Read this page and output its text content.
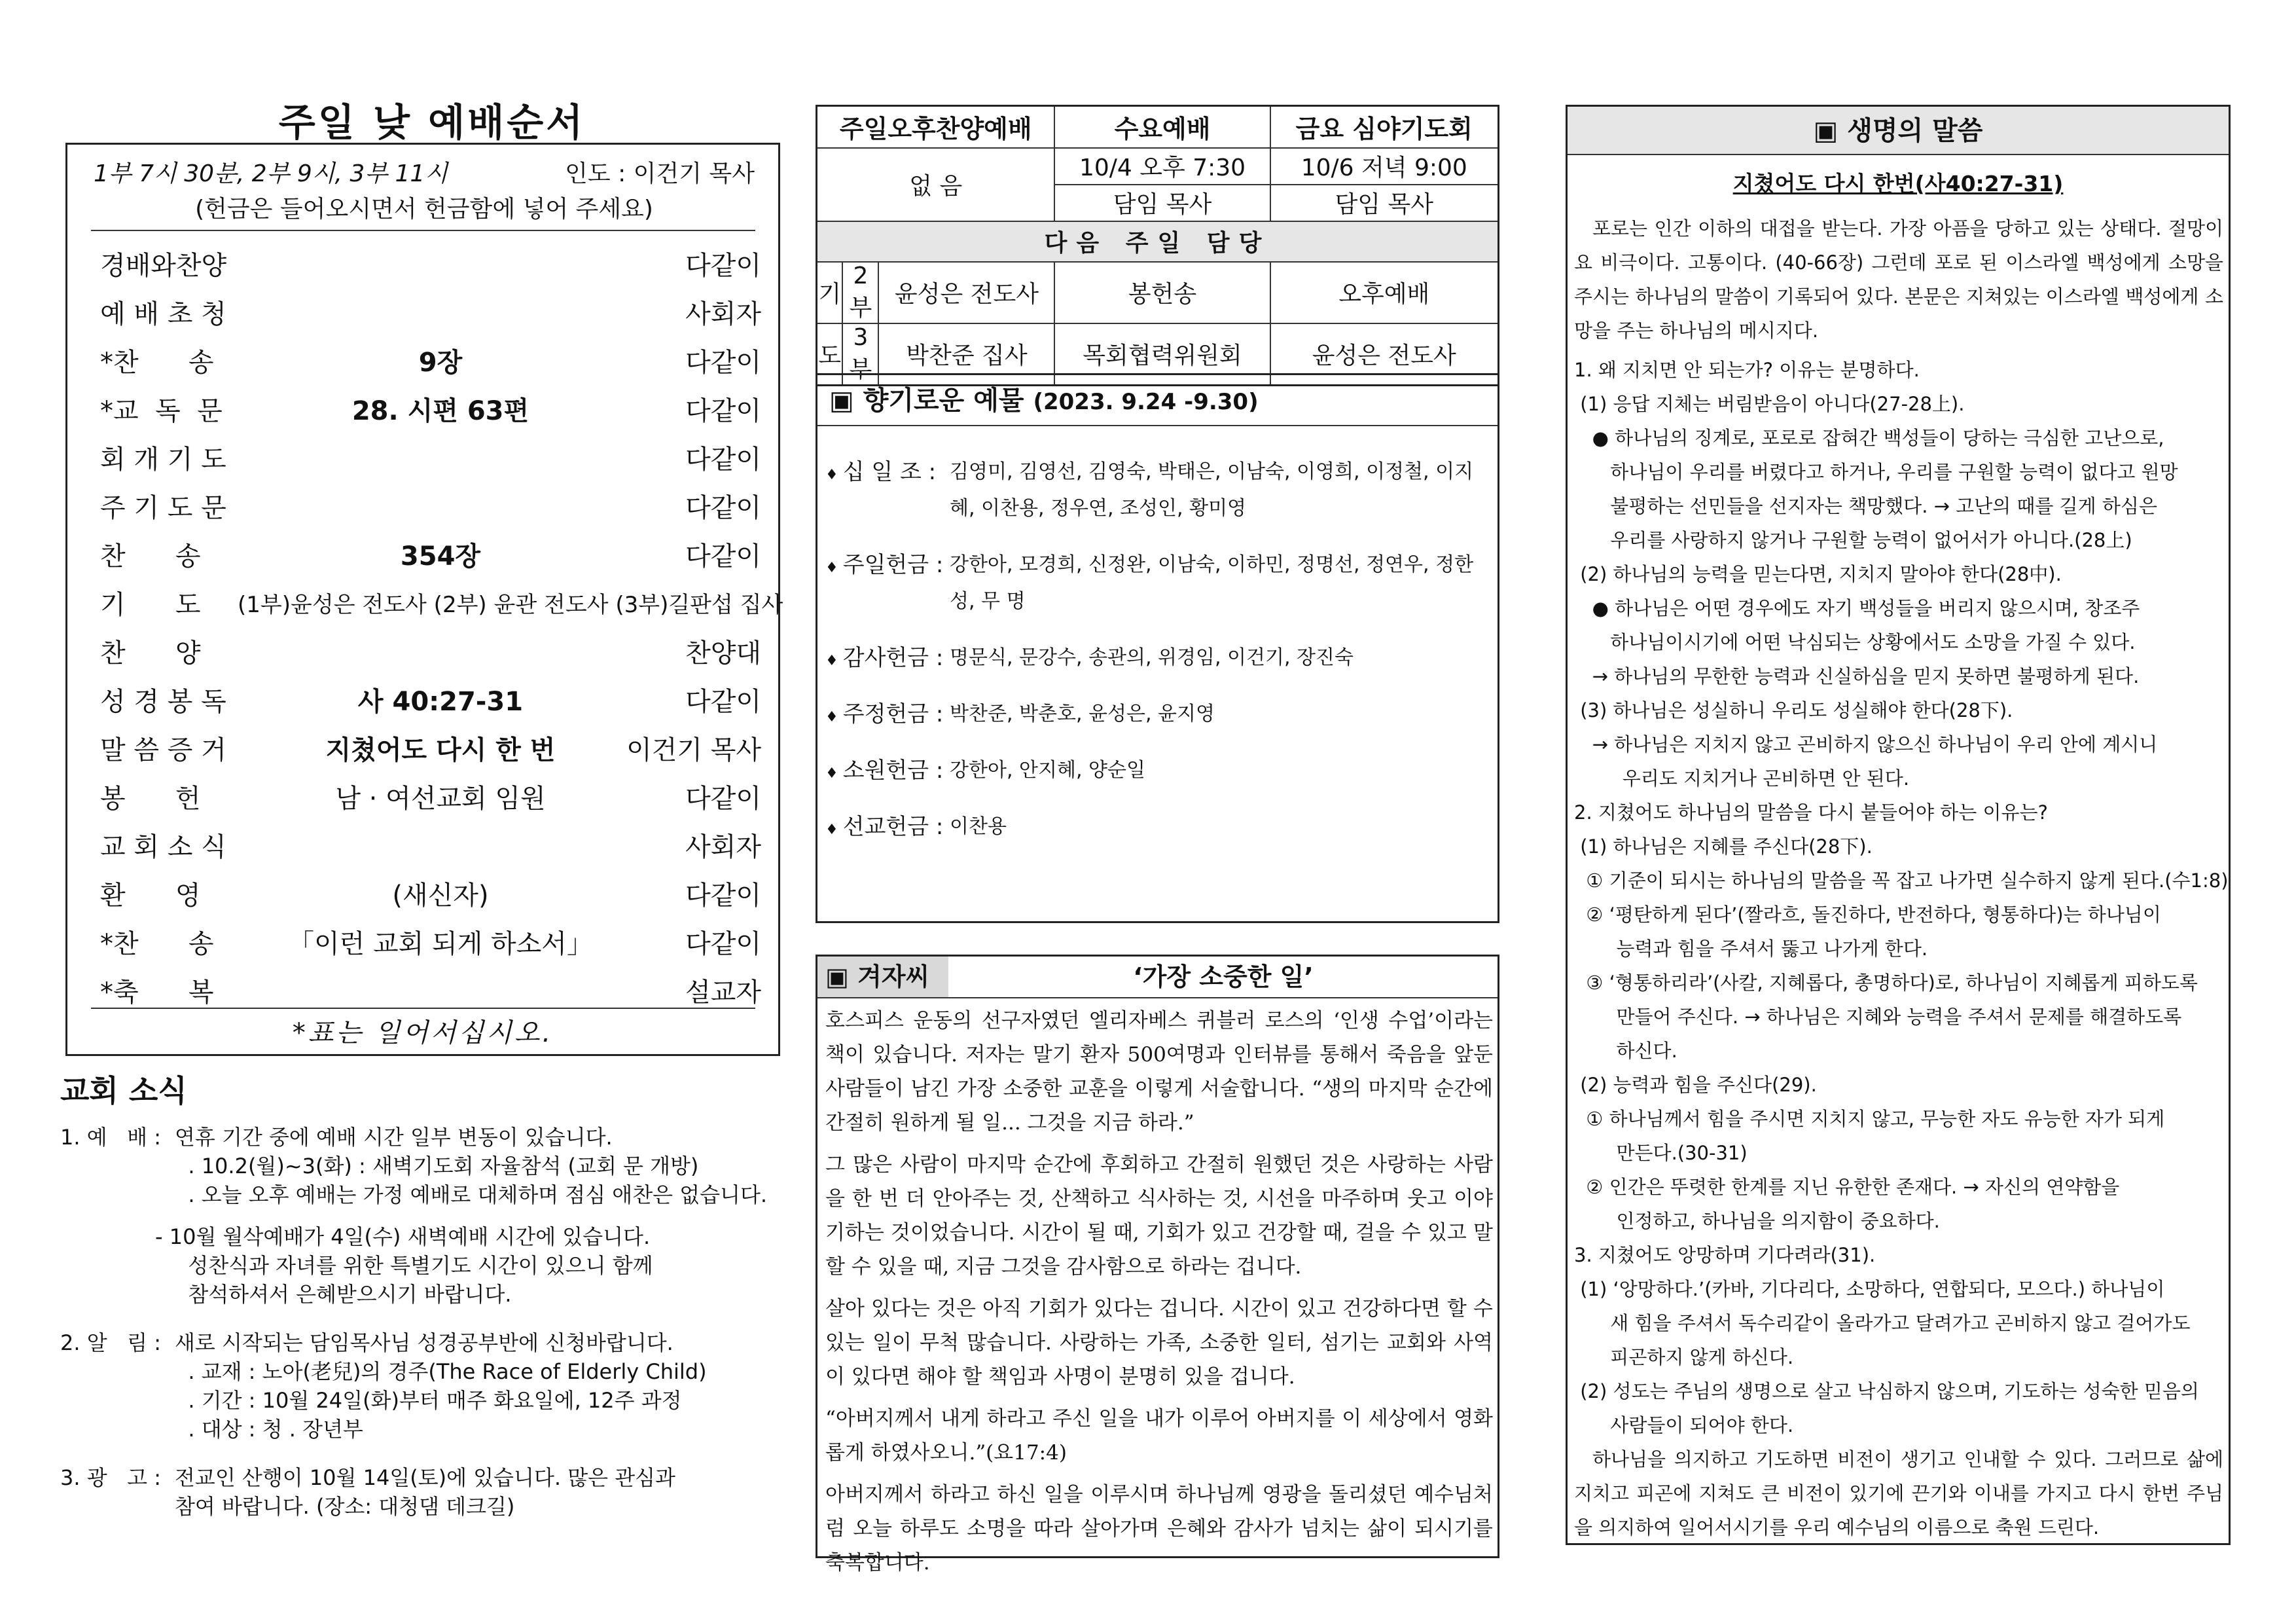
주일 낮 예배순서
1부 7시 30분, 2부 9시, 3부 11시	인도 : 이건기 목사
(헌금은 들어오시면서 헌금함에 넣어 주세요)
경배와찬양	다같이
예 배 초 청	사회자
*찬      송	9장	다같이
*교  독  문	28. 시편 63편	다같이
회 개 기 도	다같이
주 기 도 문	다같이
찬      송	354장	다같이
기      도	(1부)윤성은 전도사 (2부) 윤관 전도사 (3부)길판섭 집사
찬      양	찬양대
성 경 봉 독	사 40:27-31	다같이
말 씀 증 거	지쳤어도 다시 한 번	이건기 목사
봉      헌	남 · 여선교회 임원	다같이
교 회 소 식	사회자
환      영	(새신자)	다같이
*찬      송	「이런 교회 되게 하소서」	다같이
*축      복	설교자
*표는 일어서십시오.
교회 소식
1. 예   배 : 연휴 기간 중에 예배 시간 일부 변동이 있습니다.
. 10.2(월)~3(화) : 새벽기도회 자율참석 (교회 문 개방)
. 오늘 오후 예배는 가정 예배로 대체하며 점심 애찬은 없습니다.
- 10월 월삭예배가 4일(수) 새벽예배 시간에 있습니다.
성찬식과 자녀를 위한 특별기도 시간이 있으니 함께
참석하셔서 은혜받으시기 바랍니다.
2. 알   림 : 새로 시작되는 담임목사님 성경공부반에 신청바랍니다.
. 교재 : 노아(老兒)의 경주(The Race of Elderly Child)
. 기간 : 10월 24일(화)부터 매주 화요일에, 12주 과정
. 대상 : 청 . 장년부
3. 광   고 : 전교인 산행이 10월 14일(토)에 있습니다. 많은 관심과
참여 바랍니다. (장소: 대청댐 데크길)
주일오후찬양예배			수요예배	금요 심야기도회
없 음			10/4 오후 7:30	10/6 저녁 9:00
			담임 목사	담임 목사
다음 주일 담당				
기	2부	윤성은 전도사	봉헌송	오후예배
도	3부	박찬준 집사	목회협력위원회	윤성은 전도사
▣ 향기로운 예물 (2023. 9.24 -9.30)
♦ 십 일 조 : 김영미, 김영선, 김영숙, 박태은, 이남숙, 이영희, 이정철, 이지혜, 이찬용, 정우연, 조성인, 황미영
♦ 주일헌금 : 강한아, 모경희, 신정완, 이남숙, 이하민, 정명선, 정연우, 정한성, 무 명
♦ 감사헌금 : 명문식, 문강수, 송관의, 위경임, 이건기, 장진숙
♦ 주정헌금 : 박찬준, 박춘호, 윤성은, 윤지영
♦ 소원헌금 : 강한아, 안지혜, 양순일
♦ 선교헌금 : 이찬용
▣ 겨자씨	‘가장 소중한 일’

호스피스 운동의 선구자였던 엘리자베스 퀴블러 로스의 ‘인생 수업’이라는 책이 있습니다. 저자는 말기 환자 500여명과 인터뷰를 통해서 죽음을 앞둔 사람들이 남긴 가장 소중한 교훈을 이렇게 서술합니다. “생의 마지막 순간에 간절히 원하게 될 일... 그것을 지금 하라.”

그 많은 사람이 마지막 순간에 후회하고 간절히 원했던 것은 사랑하는 사람을 한 번 더 안아주는 것, 산책하고 식사하는 것, 시선을 마주하며 웃고 이야기하는 것이었습니다. 시간이 될 때, 기회가 있고 건강할 때, 걸을 수 있고 말할 수 있을 때, 지금 그것을 감사함으로 하라는 겁니다.

살아 있다는 것은 아직 기회가 있다는 겁니다. 시간이 있고 건강하다면 할 수 있는 일이 무척 많습니다. 사랑하는 가족, 소중한 일터, 섬기는 교회와 사역이 있다면 해야 할 책임과 사명이 분명히 있을 겁니다.

“아버지께서 내게 하라고 주신 일을 내가 이루어 아버지를 이 세상에서 영화롭게 하였사오니.”(요17:4)

아버지께서 하라고 하신 일을 이루시며 하나님께 영광을 돌리셨던 예수님처럼 오늘 하루도 소명을 따라 살아가며 은혜와 감사가 넘치는 삶이 되시기를 축복합니다.

▣ 생명의 말씀
지쳤어도 다시 한번(사40:27-31)

포로는 인간 이하의 대접을 받는다. 가장 아픔을 당하고 있는 상태다. 절망이요 비극이다. 고통이다. (40-66장) 그런데 포로 된 이스라엘 백성에게 소망을 주시는 하나님의 말씀이 기록되어 있다. 본문은 지쳐있는 이스라엘 백성에게 소망을 주는 하나님의 메시지다.

1. 왜 지치면 안 되는가? 이유는 분명하다.
(1) 응답 지체는 버림받음이 아니다(27-28上).
● 하나님의 징계로, 포로로 잡혀간 백성들이 당하는 극심한 고난으로,
하나님이 우리를 버렸다고 하거나, 우리를 구원할 능력이 없다고 원망
불평하는 선민들을 선지자는 책망했다. → 고난의 때를 길게 하심은
우리를 사랑하지 않거나 구원할 능력이 없어서가 아니다.(28上)
(2) 하나님의 능력을 믿는다면, 지치지 말아야 한다(28中).
● 하나님은 어떤 경우에도 자기 백성들을 버리지 않으시며, 창조주
하나님이시기에 어떤 낙심되는 상황에서도 소망을 가질 수 있다.
→ 하나님의 무한한 능력과 신실하심을 믿지 못하면 불평하게 된다.
(3) 하나님은 성실하니 우리도 성실해야 한다(28下).
→ 하나님은 지치지 않고 곤비하지 않으신 하나님이 우리 안에 계시니
우리도 지치거나 곤비하면 안 된다.
2. 지쳤어도 하나님의 말씀을 다시 붙들어야 하는 이유는?
(1) 하나님은 지혜를 주신다(28下).
① 기준이 되시는 하나님의 말씀을 꼭 잡고 나가면 실수하지 않게 된다.(수1:8)
② ‘평탄하게 된다’(짤라흐, 돌진하다, 반전하다, 형통하다)는 하나님이
능력과 힘을 주셔서 뚫고 나가게 한다.
③ ‘형통하리라’(사칼, 지혜롭다, 총명하다)로, 하나님이 지혜롭게 피하도록
만들어 주신다. → 하나님은 지혜와 능력을 주셔서 문제를 해결하도록
하신다.
(2) 능력과 힘을 주신다(29).
① 하나님께서 힘을 주시면 지치지 않고, 무능한 자도 유능한 자가 되게
만든다.(30-31)
② 인간은 뚜렷한 한계를 지닌 유한한 존재다. → 자신의 연약함을
인정하고, 하나님을 의지함이 중요하다.
3. 지쳤어도 앙망하며 기다려라(31).
(1) ‘앙망하다.’(카바, 기다리다, 소망하다, 연합되다, 모으다.) 하나님이
새 힘을 주셔서 독수리같이 올라가고 달려가고 곤비하지 않고 걸어가도
피곤하지 않게 하신다.
(2) 성도는 주님의 생명으로 살고 낙심하지 않으며, 기도하는 성숙한 믿음의
사람들이 되어야 한다.

하나님을 의지하고 기도하면 비전이 생기고 인내할 수 있다. 그러므로 삶에 지치고 피곤에 지쳐도 큰 비전이 있기에 끈기와 이내를 가지고 다시 한번 주님을 의지하여 일어서시기를 우리 예수님의 이름으로 축원 드린다.
